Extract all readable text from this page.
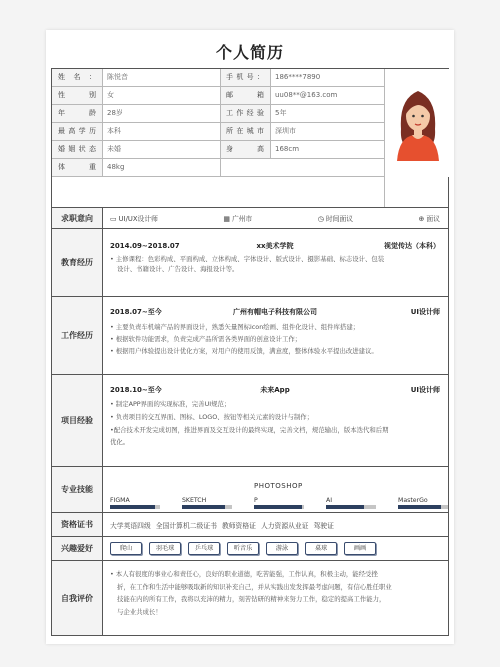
个人简历
姓名：	陈悦音	手机号：	186****7890
性别	女	邮箱	uu08**@163.com
年龄	28岁	工作经验	5年
最高学历	本科	所在城市	深圳市
婚姻状态	未婚	身高	168cm
体重	48kg
求职意向	▭ UI/UX设计师	▦ 广州市	◷ 时间面议	⊕ 面议
教育经历
2014.09~2018.07	xx美术学院	视觉传达（本科）
• 主修课程：色彩构成、平面构成、立体构成、字体设计、版式设计、摄影基础、标志设计、包装
设计、书籍设计、广告设计、海报设计等。
工作经历
2018.07~至今	广州有帽电子科技有限公司	UI设计师
• 主要负责车机端产品的界面设计，熟悉矢量图标icon绘画、组件化设计、组件库搭建；
• 根据软件功能需求，负责完成产品所需各类界面的创意设计工作；
• 根据用户体验提出设计优化方案，对用户的使用反馈，满意度，整体体验水平提出改进建议。
项目经验
2018.10~至今	未来App	UI设计师
• 制定APP界面的实现标准，完善UI规范；
• 负责项目的交互界面、图标、LOGO、按钮等相关元素的设计与制作；
•配合技术开发完成切图，推进界面及交互设计的最终实现，完善文档，规范输出，版本迭代和后期
优化。
专业技能
FIGMA	SKETCH
PHOTOSHOP
P	AI	MasterGo
资格证书	大学英语四级 全国计算机二级证书 教师资格证 人力资源从业证 驾驶证
兴趣爱好	爬山	羽毛球	乒乓球	听音乐	游泳	桌球	画画
自我评价
• 本人有很度的事业心和责任心，良好的职业道德，吃苦能强，工作认真，积极主动，能经受挫
折，在工作和生活中能够吸取新的知识补充自己，并从实践出发发挥最考虑问题，有信心胜任职业
技能在内的所有工作，我将以充沛的精力，刻苦钻研的精神来努力工作，稳定的提高工作能力，
与企业共成长！
